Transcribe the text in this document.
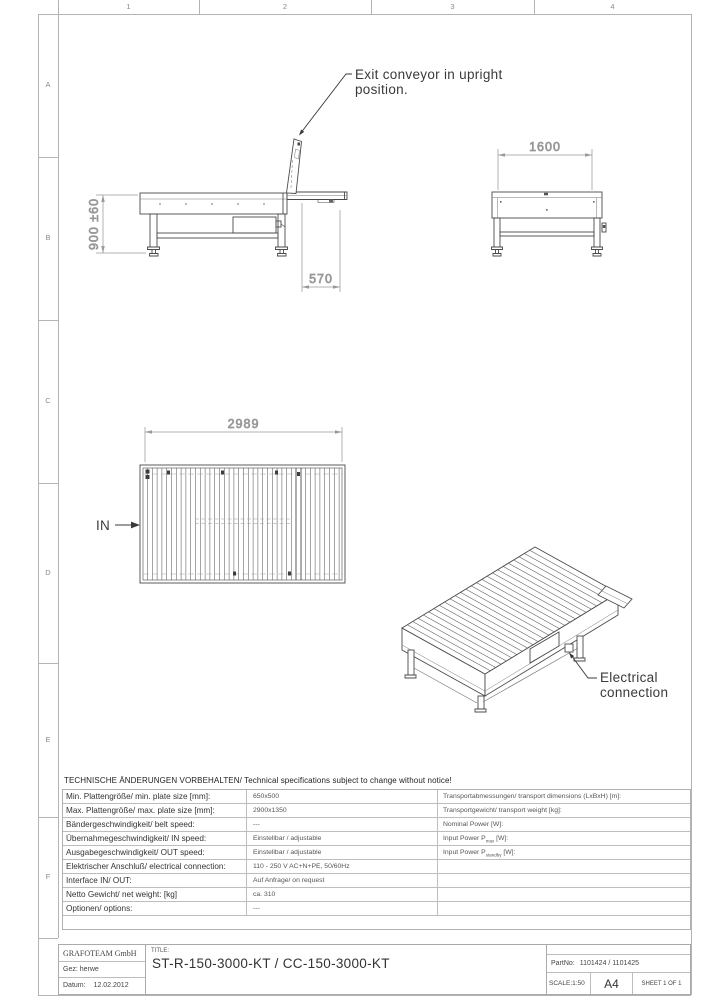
1	2	3	4
A
B
C
D
E
F
900 ±60
570
Exit conveyor in upright
position.
1600
2989
IN
Electrical
connection
TECHNISCHE ÄNDERUNGEN VORBEHALTEN/ Technical specifications subject to change without notice!
Min. Plattengröße/ min. plate size [mm]:	650x500	Transportabmessungen/ transport dimensions (LxBxH) [m]:
Max. Plattengröße/ max. plate size [mm]:	2900x1350	Transportgewicht/ transport weight [kg]:
Bändergeschwindigkeit/ belt speed:	---	Nominal Power [W]:
Übernahmegeschwindigkeit/ IN speed:	Einstellbar / adjustable	Input Power $P_{max}$ [W]:
Ausgabegeschwindigkeit/ OUT speed:	Einstellbar / adjustable	Input Power $P_{standby}$ [W]:
Elektrischer Anschluß/ electrical connection:	110 - 250 V AC+N+PE, 50/60Hz
Interface IN/ OUT:	Auf Anfrage/ on request
Netto Gewicht/ net weight: [kg]	ca. 310
Optionen/ options:	---
GRAFOTEAM GmbH
Gez: herwe
Datum: 12.02.2012
TITLE:
ST-R-150-3000-KT / CC-150-3000-KT	PartNo: 1101424 / 1101425
SCALE:1:50	A4	SHEET 1 OF 1
